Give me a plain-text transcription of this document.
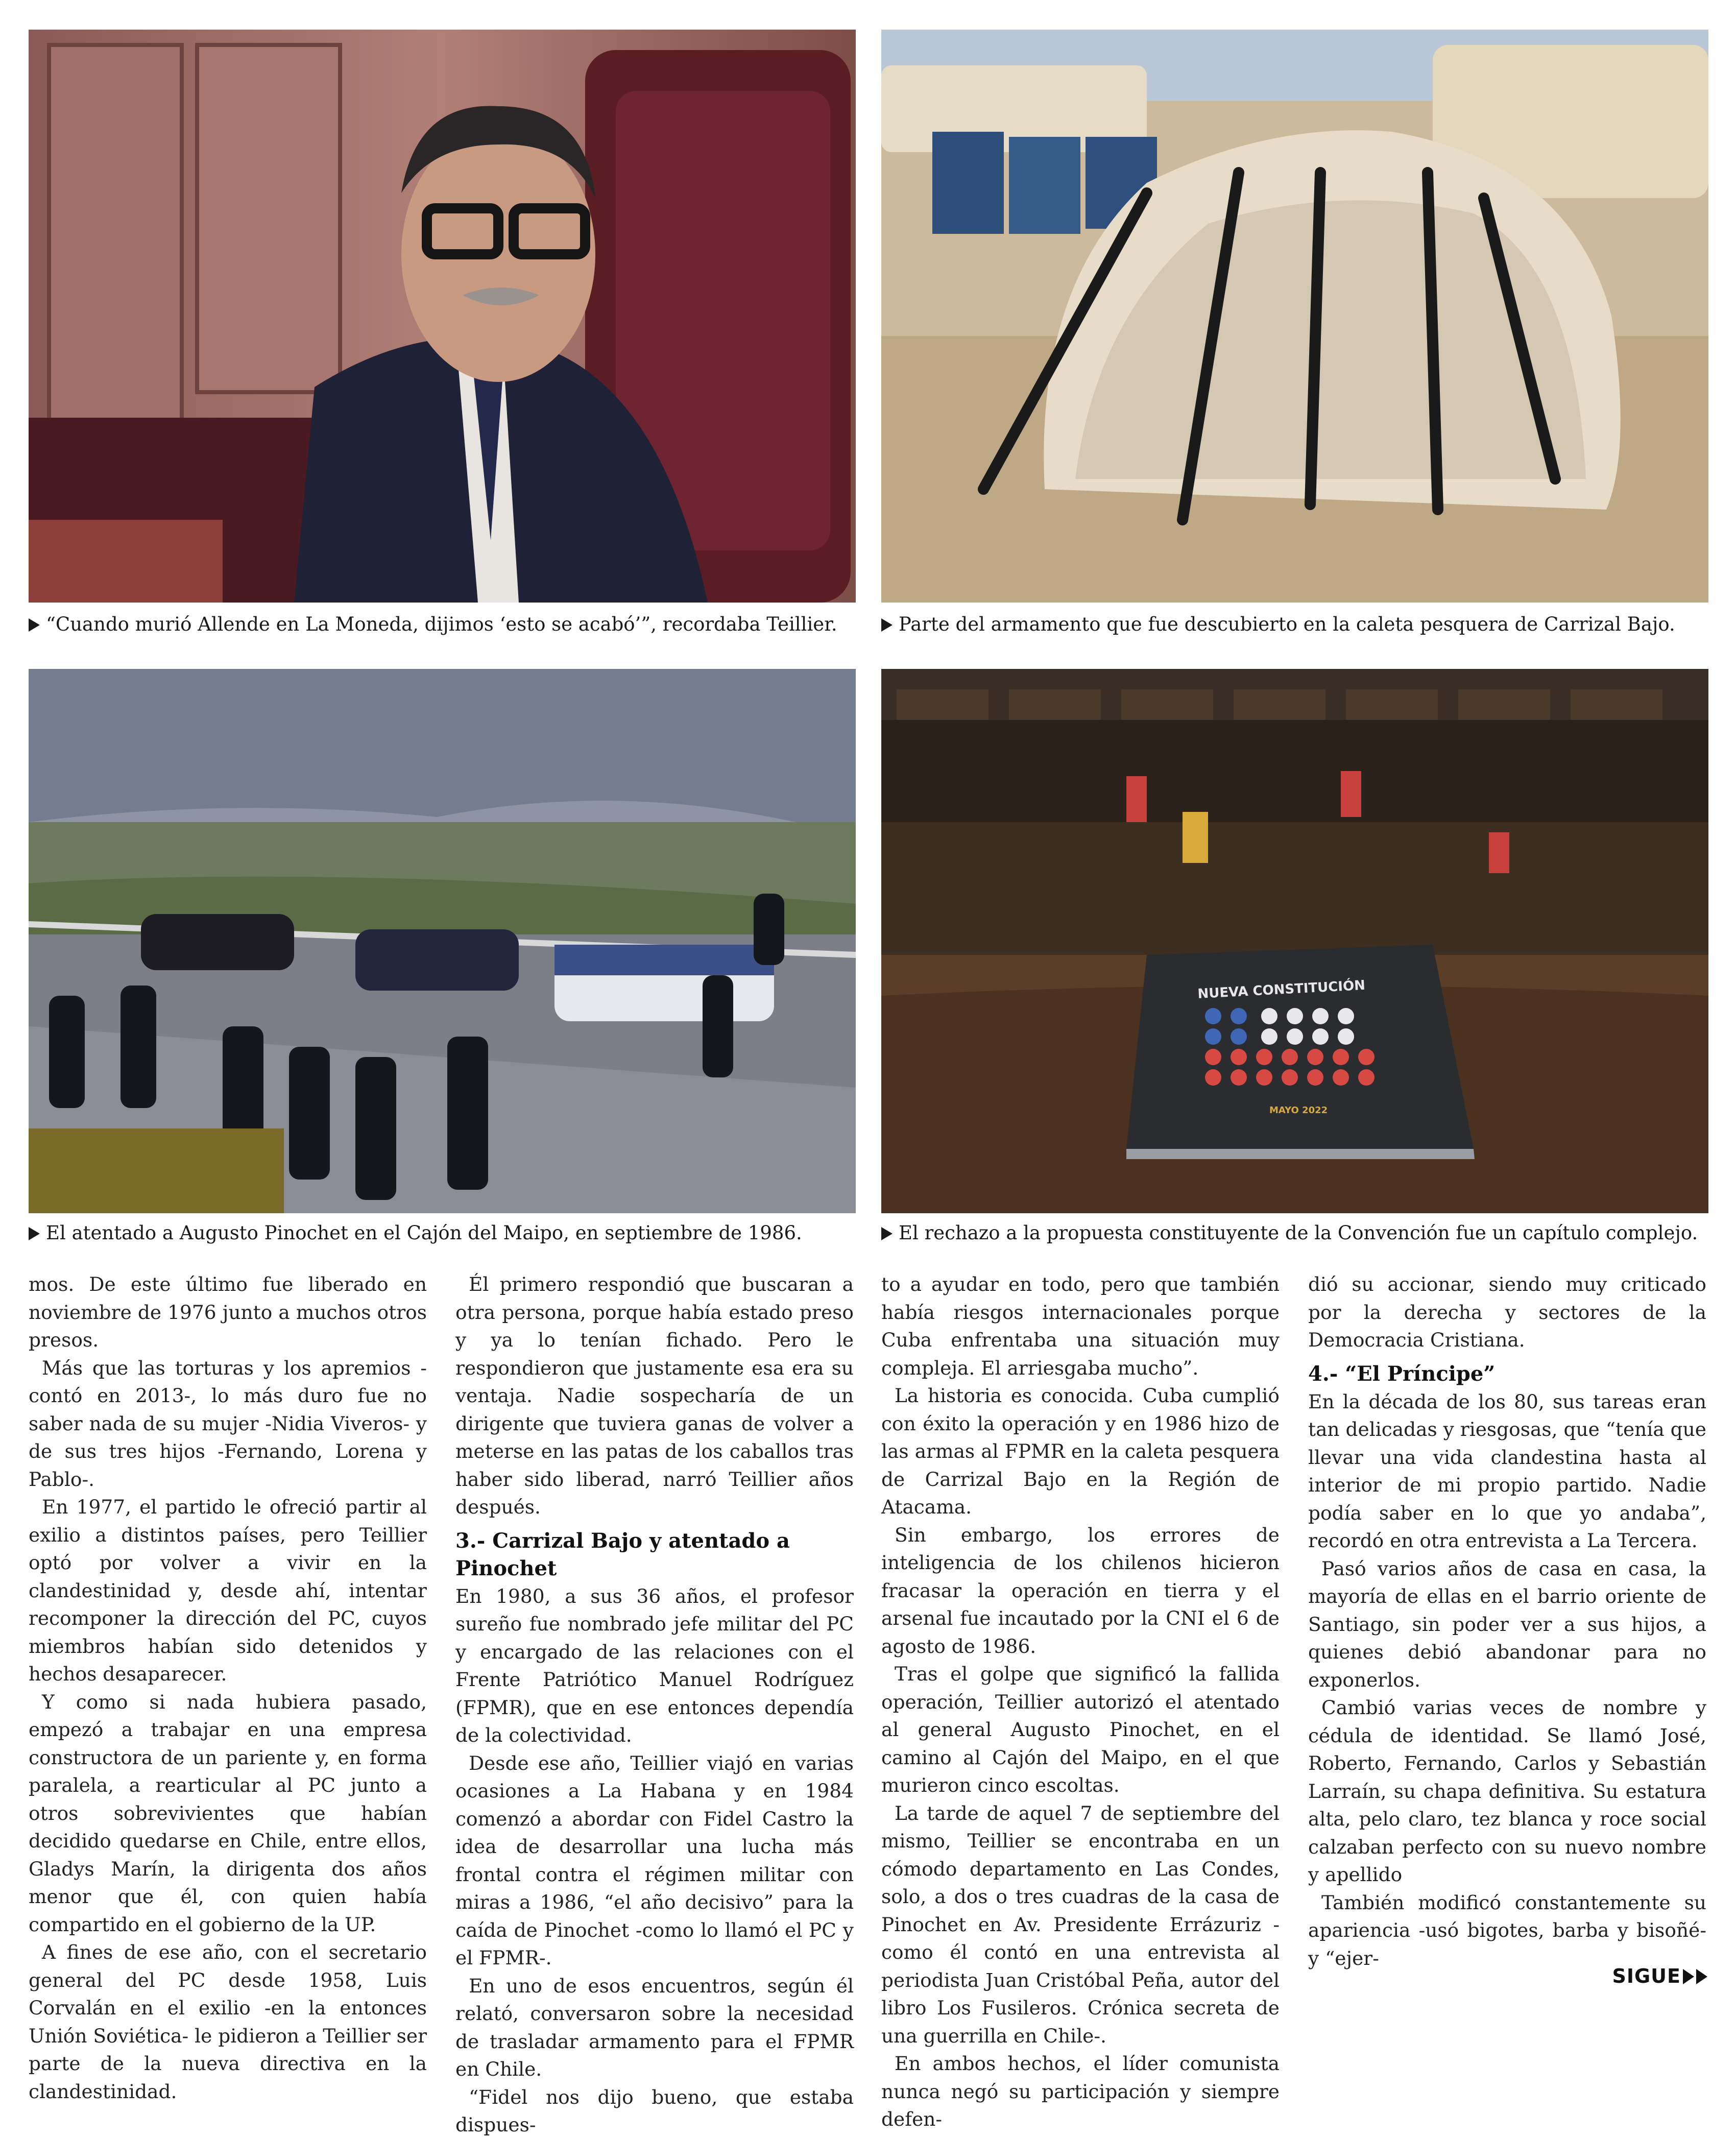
“Cuando murió Allende en La Moneda, dijimos ‘esto se acabó’”, recordaba Teillier.	Parte del armamento que fue descubierto en la caleta pesquera de Carrizal Bajo.
NUEVA CONSTITUCIÓN
MAYO 2022
El atentado a Augusto Pinochet en el Cajón del Maipo, en septiembre de 1986.	El rechazo a la propuesta constituyente de la Convención fue un capítulo complejo.

mos. De este último fue liberado en noviembre de 1976 junto a muchos otros presos.

Más que las torturas y los apremios -contó en 2013-, lo más duro fue no saber nada de su mujer -Nidia Viveros- y de sus tres hijos -Fernando, Lorena y Pablo-.

En 1977, el partido le ofreció partir al exilio a distintos países, pero Teillier optó por volver a vivir en la clandestinidad y, desde ahí, intentar recomponer la dirección del PC, cuyos miembros habían sido detenidos y hechos desaparecer.

Y como si nada hubiera pasado, empezó a trabajar en una empresa constructora de un pariente y, en forma paralela, a rearticular al PC junto a otros sobrevivientes que habían decidido quedarse en Chile, entre ellos, Gladys Marín, la dirigenta dos años menor que él, con quien había compartido en el gobierno de la UP.

A fines de ese año, con el secretario general del PC desde 1958, Luis Corvalán en el exilio -en la entonces Unión Soviética- le pidieron a Teillier ser parte de la nueva directiva en la clandestinidad.

Él primero respondió que buscaran a otra persona, porque había estado preso y ya lo tenían fichado. Pero le respondieron que justamente esa era su ventaja. Nadie sospecharía de un dirigente que tuviera ganas de volver a meterse en las patas de los caballos tras haber sido liberad, narró Teillier años después.

3.- Carrizal Bajo y atentado a Pinochet

En 1980, a sus 36 años, el profesor sureño fue nombrado jefe militar del PC y encargado de las relaciones con el Frente Patriótico Manuel Rodríguez (FPMR), que en ese entonces dependía de la colectividad.

Desde ese año, Teillier viajó en varias ocasiones a La Habana y en 1984 comenzó a abordar con Fidel Castro la idea de desarrollar una lucha más frontal contra el régimen militar con miras a 1986, “el año decisivo” para la caída de Pinochet -como lo llamó el PC y el FPMR-.

En uno de esos encuentros, según él relató, conversaron sobre la necesidad de trasladar armamento para el FPMR en Chile.

“Fidel nos dijo bueno, que estaba dispues-

to a ayudar en todo, pero que también había riesgos internacionales porque Cuba enfrentaba una situación muy compleja. El arriesgaba mucho”.

La historia es conocida. Cuba cumplió con éxito la operación y en 1986 hizo de las armas al FPMR en la caleta pesquera de Carrizal Bajo en la Región de Atacama.

Sin embargo, los errores de inteligencia de los chilenos hicieron fracasar la operación en tierra y el arsenal fue incautado por la CNI el 6 de agosto de 1986.

Tras el golpe que significó la fallida operación, Teillier autorizó el atentado al general Augusto Pinochet, en el camino al Cajón del Maipo, en el que murieron cinco escoltas.

La tarde de aquel 7 de septiembre del mismo, Teillier se encontraba en un cómodo departamento en Las Condes, solo, a dos o tres cuadras de la casa de Pinochet en Av. Presidente Errázuriz -como él contó en una entrevista al periodista Juan Cristóbal Peña, autor del libro Los Fusileros. Crónica secreta de una guerrilla en Chile-.

En ambos hechos, el líder comunista nunca negó su participación y siempre defen-

dió su accionar, siendo muy criticado por la derecha y sectores de la Democracia Cristiana.

4.- “El Príncipe”

En la década de los 80, sus tareas eran tan delicadas y riesgosas, que “tenía que llevar una vida clandestina hasta al interior de mi propio partido. Nadie podía saber en lo que yo andaba”, recordó en otra entrevista a La Tercera.

Pasó varios años de casa en casa, la mayoría de ellas en el barrio oriente de Santiago, sin poder ver a sus hijos, a quienes debió abandonar para no exponerlos.

Cambió varias veces de nombre y cédula de identidad. Se llamó José, Roberto, Fernando, Carlos y Sebastián Larraín, su chapa definitiva. Su estatura alta, pelo claro, tez blanca y roce social calzaban perfecto con su nuevo nombre y apellido

También modificó constantemente su apariencia -usó bigotes, barba y bisoñé- y “ejer-

SIGUE
